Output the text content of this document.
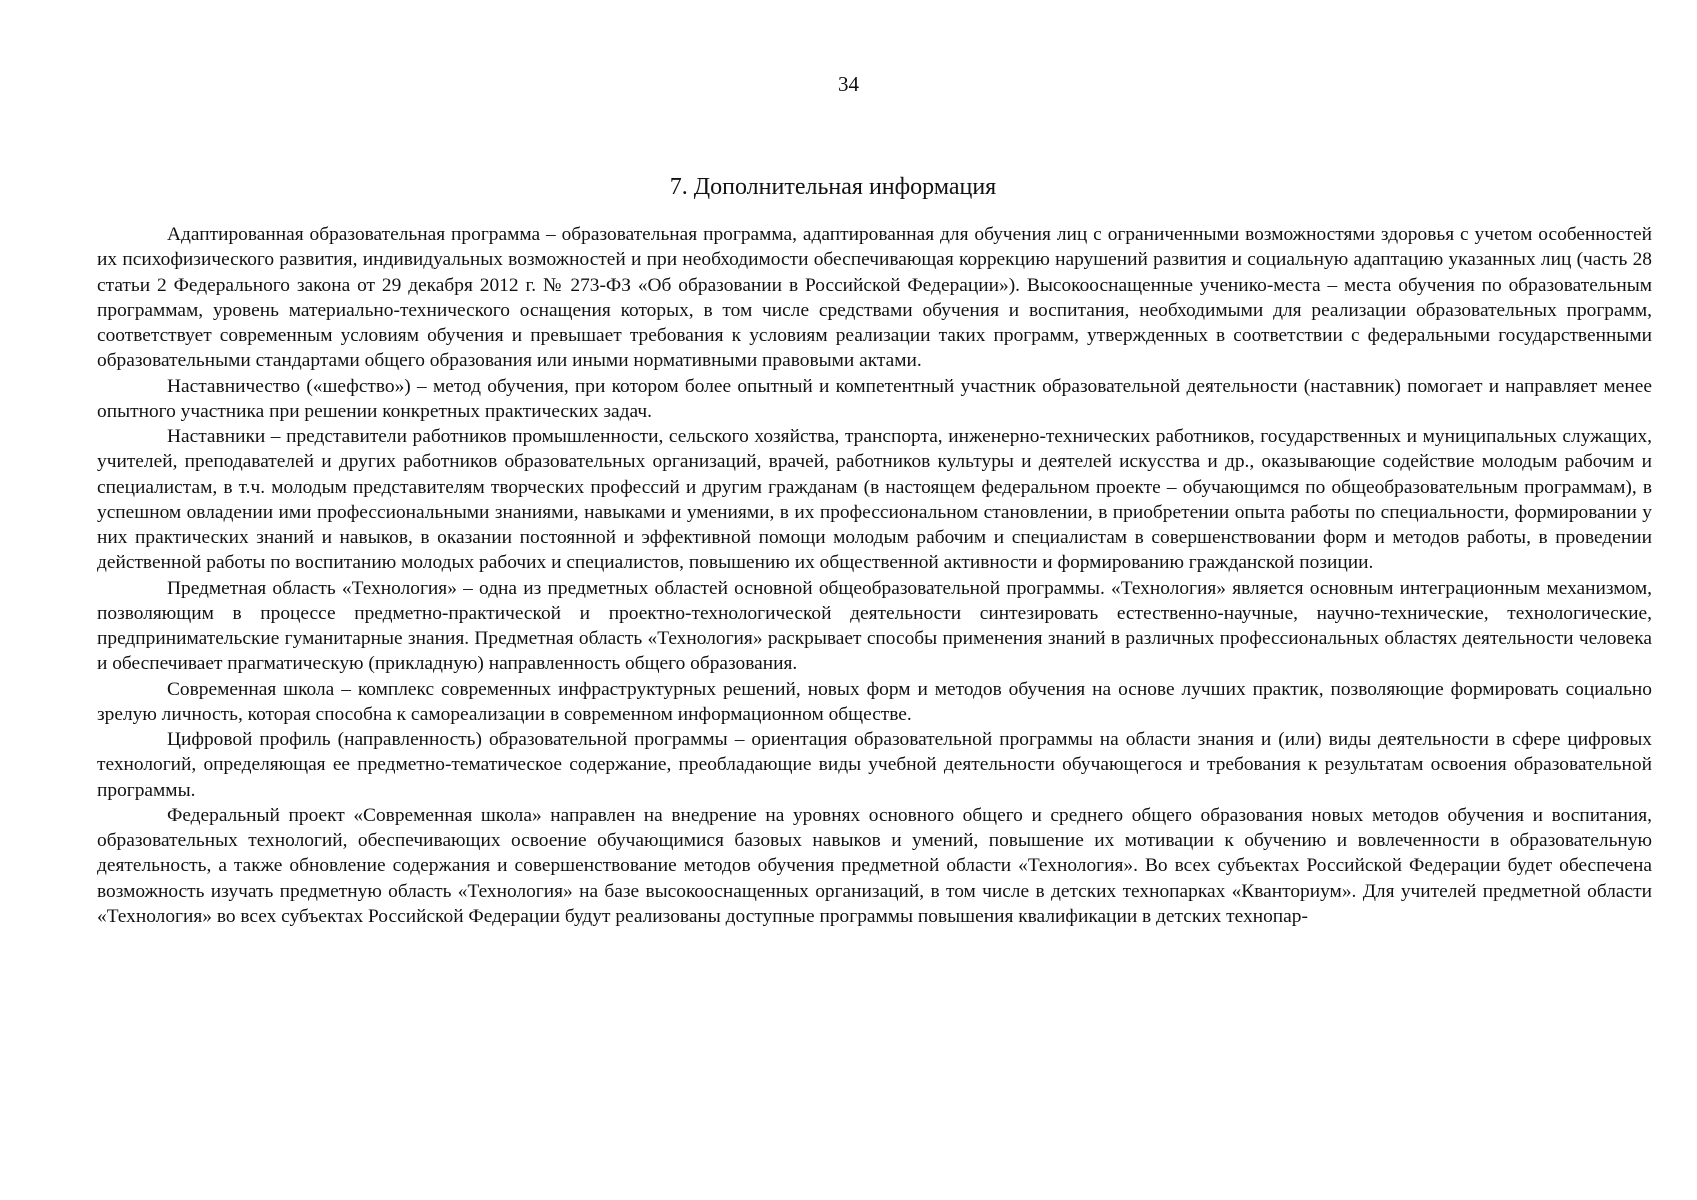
34
7. Дополнительная информация

Адаптированная образовательная программа – образовательная программа, адаптированная для обучения лиц с ограниченными возможностями здоровья с учетом особенностей их психофизического развития, индивидуальных возможностей и при необходимости обеспечивающая коррекцию нарушений развития и социальную адаптацию указанных лиц (часть 28 статьи 2 Федерального закона от 29 декабря 2012 г. № 273-ФЗ «Об образовании в Российской Федерации»). Высокооснащенные ученико-места – места обучения по образовательным программам, уровень материально-технического оснащения которых, в том числе средствами обучения и воспитания, необходимыми для реализации образовательных программ, соответствует современным условиям обучения и превышает требования к условиям реализации таких программ, утвержденных в соответствии с федеральными государственными образовательными стандартами общего образования или иными нормативными правовыми актами.

Наставничество («шефство») – метод обучения, при котором более опытный и компетентный участник образовательной деятельности (наставник) помогает и направляет менее опытного участника при решении конкретных практических задач.

Наставники – представители работников промышленности, сельского хозяйства, транспорта, инженерно-технических работников, государственных и муниципальных служащих, учителей, преподавателей и других работников образовательных организаций, врачей, работников культуры и деятелей искусства и др., оказывающие содействие молодым рабочим и специалистам, в т.ч. молодым представителям творческих профессий и другим гражданам (в настоящем федеральном проекте – обучающимся по общеобразовательным программам), в успешном овладении ими профессиональными знаниями, навыками и умениями, в их профессиональном становлении, в приобретении опыта работы по специальности, формировании у них практических знаний и навыков, в оказании постоянной и эффективной помощи молодым рабочим и специалистам в совершенствовании форм и методов работы, в проведении действенной работы по воспитанию молодых рабочих и специалистов, повышению их общественной активности и формированию гражданской позиции.

Предметная область «Технология» – одна из предметных областей основной общеобразовательной программы. «Технология» является основным интеграционным механизмом, позволяющим в процессе предметно-практической и проектно-технологической деятельности синтезировать естественно-научные, научно-технические, технологические, предпринимательские гуманитарные знания. Предметная область «Технология» раскрывает способы применения знаний в различных профессиональных областях деятельности человека и обеспечивает прагматическую (прикладную) направленность общего образования.

Современная школа – комплекс современных инфраструктурных решений, новых форм и методов обучения на основе лучших практик, позволяющие формировать социально зрелую личность, которая способна к самореализации в современном информационном обществе.

Цифровой профиль (направленность) образовательной программы – ориентация образовательной программы на области знания и (или) виды деятельности в сфере цифровых технологий, определяющая ее предметно-тематическое содержание, преобладающие виды учебной деятельности обучающегося и требования к результатам освоения образовательной программы.

Федеральный проект «Современная школа» направлен на внедрение на уровнях основного общего и среднего общего образования новых методов обучения и воспитания, образовательных технологий, обеспечивающих освоение обучающимися базовых навыков и умений, повышение их мотивации к обучению и вовлеченности в образовательную деятельность, а также обновление содержания и совершенствование методов обучения предметной области «Технология». Во всех субъектах Российской Федерации будет обеспечена возможность изучать предметную область «Технология» на базе высокооснащенных организаций, в том числе в детских технопарках «Кванториум». Для учителей предметной области «Технология» во всех субъектах Российской Федерации будут реализованы доступные программы повышения квалификации в детских технопар-
